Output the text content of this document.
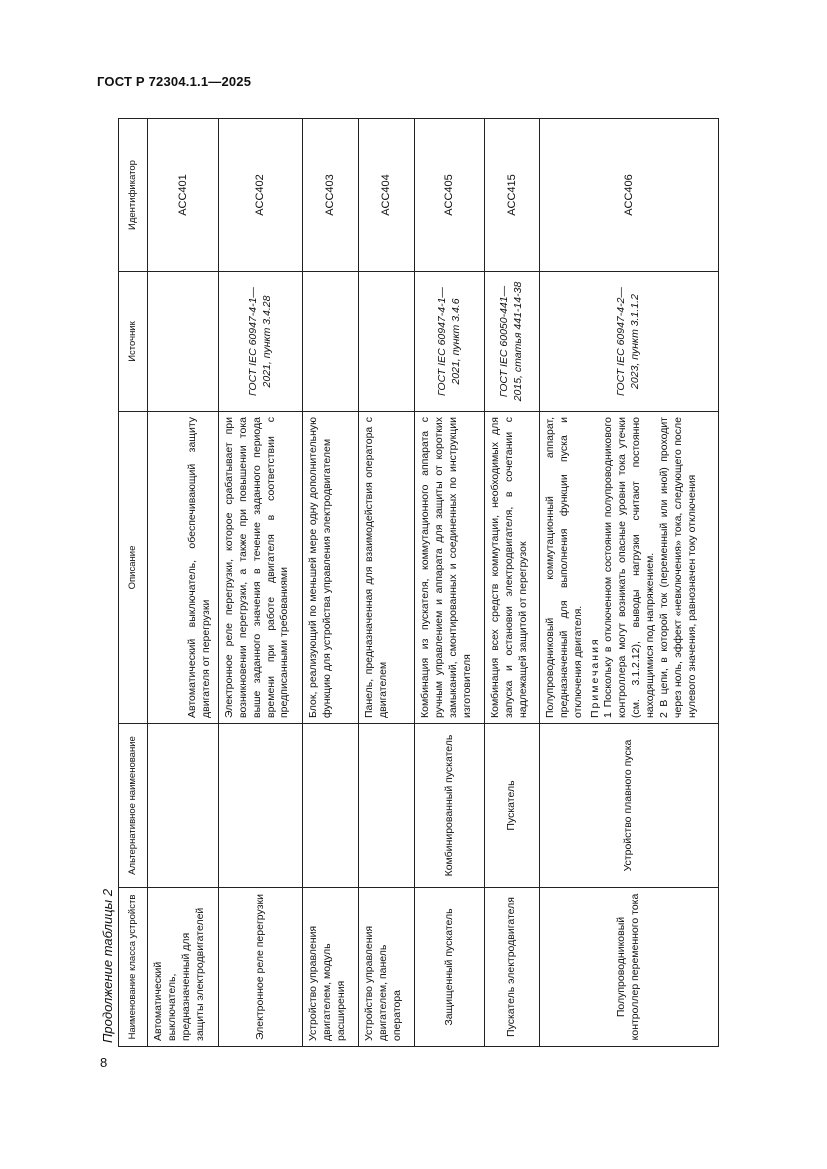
ГОСТ Р 72304.1.1—2025
Продолжение таблицы 2
8
Наименование класса устройств	Альтернативное наименование	Описание	Источник	Идентификатор
Автоматический выключатель, предназначенный для защиты электродвигателей		Автоматический выключатель, обеспечивающий защиту двигателя от перегрузки		ACC401
Электронное реле перегрузки		Электронное реле перегрузки, которое срабатывает при возникновении перегрузки, а также при повышении тока выше заданного значения в течение заданного периода времени при работе двигателя в соответствии с предписанными требованиями	ГОСТ IEC 60947-4-1—2021, пункт 3.4.28	ACC402
Устройство управления двигателем, модуль расширения		Блок, реализующий по меньшей мере одну дополнительную функцию для устройства управления электродвигателем		ACC403
Устройство управления двигателем, панель оператора		Панель, предназначенная для взаимодействия оператора с двигателем		ACC404
Защищенный пускатель	Комбинированный пускатель	Комбинация из пускателя, коммутационного аппарата с ручным управлением и аппарата для защиты от коротких замыканий, смонтированных и соединенных по инструкции изготовителя	ГОСТ IEC 60947-4-1—2021, пункт 3.4.6	ACC405
Пускатель электродвигателя	Пускатель	Комбинация всех средств коммутации, необходимых для запуска и остановки электродвигателя, в сочетании с надлежащей защитой от перегрузок	ГОСТ IEC 60050-441—2015, статья 441-14-38	ACC415
Полупроводниковый контроллер переменного тока	Устройство плавного пуска	Полупроводниковый коммутационный аппарат, предназначенный для выполнения функции пуска и отключения двигателя. Примечания 1 Поскольку в отключенном состоянии полупроводникового контроллера могут возникать опасные уровни тока утечки (см. 3.1.2.12), выводы нагрузки считают постоянно находящимися под напряжением. 2 В цепи, в которой ток (переменный или иной) проходит через ноль, эффект «невключения» тока, следующего после нулевого значения, равнозначен току отключения	ГОСТ IEC 60947-4-2—2023, пункт 3.1.1.2	ACC406
